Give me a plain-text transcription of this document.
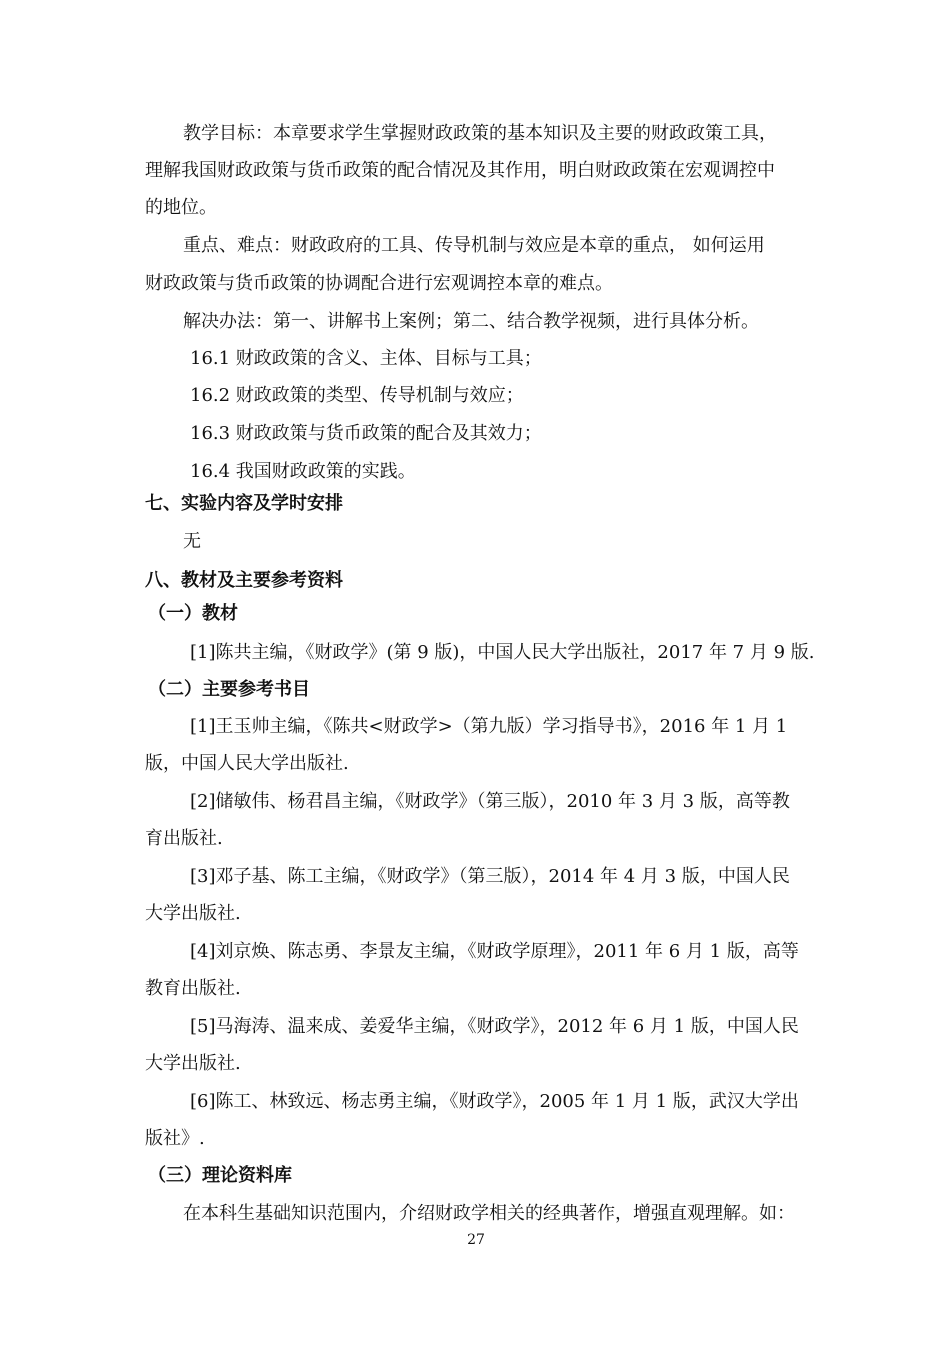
教学目标：本章要求学生掌握财政政策的基本知识及主要的财政政策工具，
理解我国财政政策与货币政策的配合情况及其作用，明白财政政策在宏观调控中
的地位。
重点、难点：财政政府的工具、传导机制与效应是本章的重点， 如何运用
财政政策与货币政策的协调配合进行宏观调控本章的难点。
解决办法：第一、讲解书上案例；第二、结合教学视频，进行具体分析。
16.1 财政政策的含义、主体、目标与工具；
16.2 财政政策的类型、传导机制与效应；
16.3 财政政策与货币政策的配合及其效力；
16.4 我国财政政策的实践。
七、实验内容及学时安排
无
八、教材及主要参考资料
（一）教材
[1]陈共主编，《财政学》(第 9 版)，中国人民大学出版社，2017 年 7 月 9 版.
（二）主要参考书目
[1]王玉帅主编，《陈共<财政学>（第九版）学习指导书》，2016 年 1 月 1
版，中国人民大学出版社.
[2]储敏伟、杨君昌主编，《财政学》（第三版），2010 年 3 月 3 版，高等教
育出版社.
[3]邓子基、陈工主编，《财政学》（第三版），2014 年 4 月 3 版，中国人民
大学出版社.
[4]刘京焕、陈志勇、李景友主编，《财政学原理》，2011 年 6 月 1 版，高等
教育出版社.
[5]马海涛、温来成、姜爱华主编，《财政学》，2012 年 6 月 1 版，中国人民
大学出版社.
[6]陈工、林致远、杨志勇主编，《财政学》，2005 年 1 月 1 版，武汉大学出
版社》.
（三）理论资料库
在本科生基础知识范围内，介绍财政学相关的经典著作，增强直观理解。如：
27
